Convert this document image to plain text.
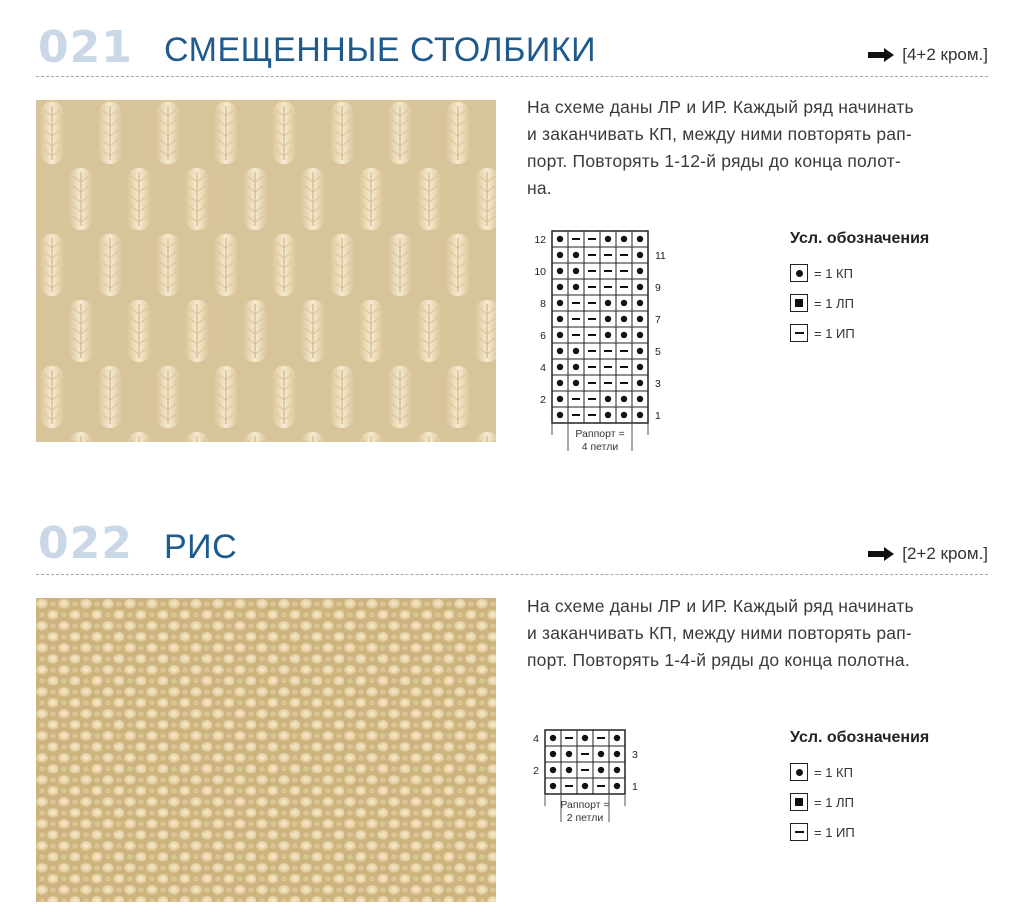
021 СМЕЩЕННЫЕ СТОЛБИКИ	[4+2 кром.]
На схеме даны ЛР и ИР. Каждый ряд начинать
и заканчивать КП, между ними повторять рап-
порт. Повторять 1-12-й ряды до конца полот-
на.
12
10
8
6
4
2
11
9
7
5
3
1
Раппорт =
4 петли
Усл. обозначения
= 1 КП
= 1 ЛП
= 1 ИП
022 РИС	[2+2 кром.]
На схеме даны ЛР и ИР. Каждый ряд начинать
и заканчивать КП, между ними повторять рап-
порт. Повторять 1-4-й ряды до конца полотна.
4
2
3
1
Раппорт =
2 петли
Усл. обозначения
= 1 КП
= 1 ЛП
= 1 ИП
